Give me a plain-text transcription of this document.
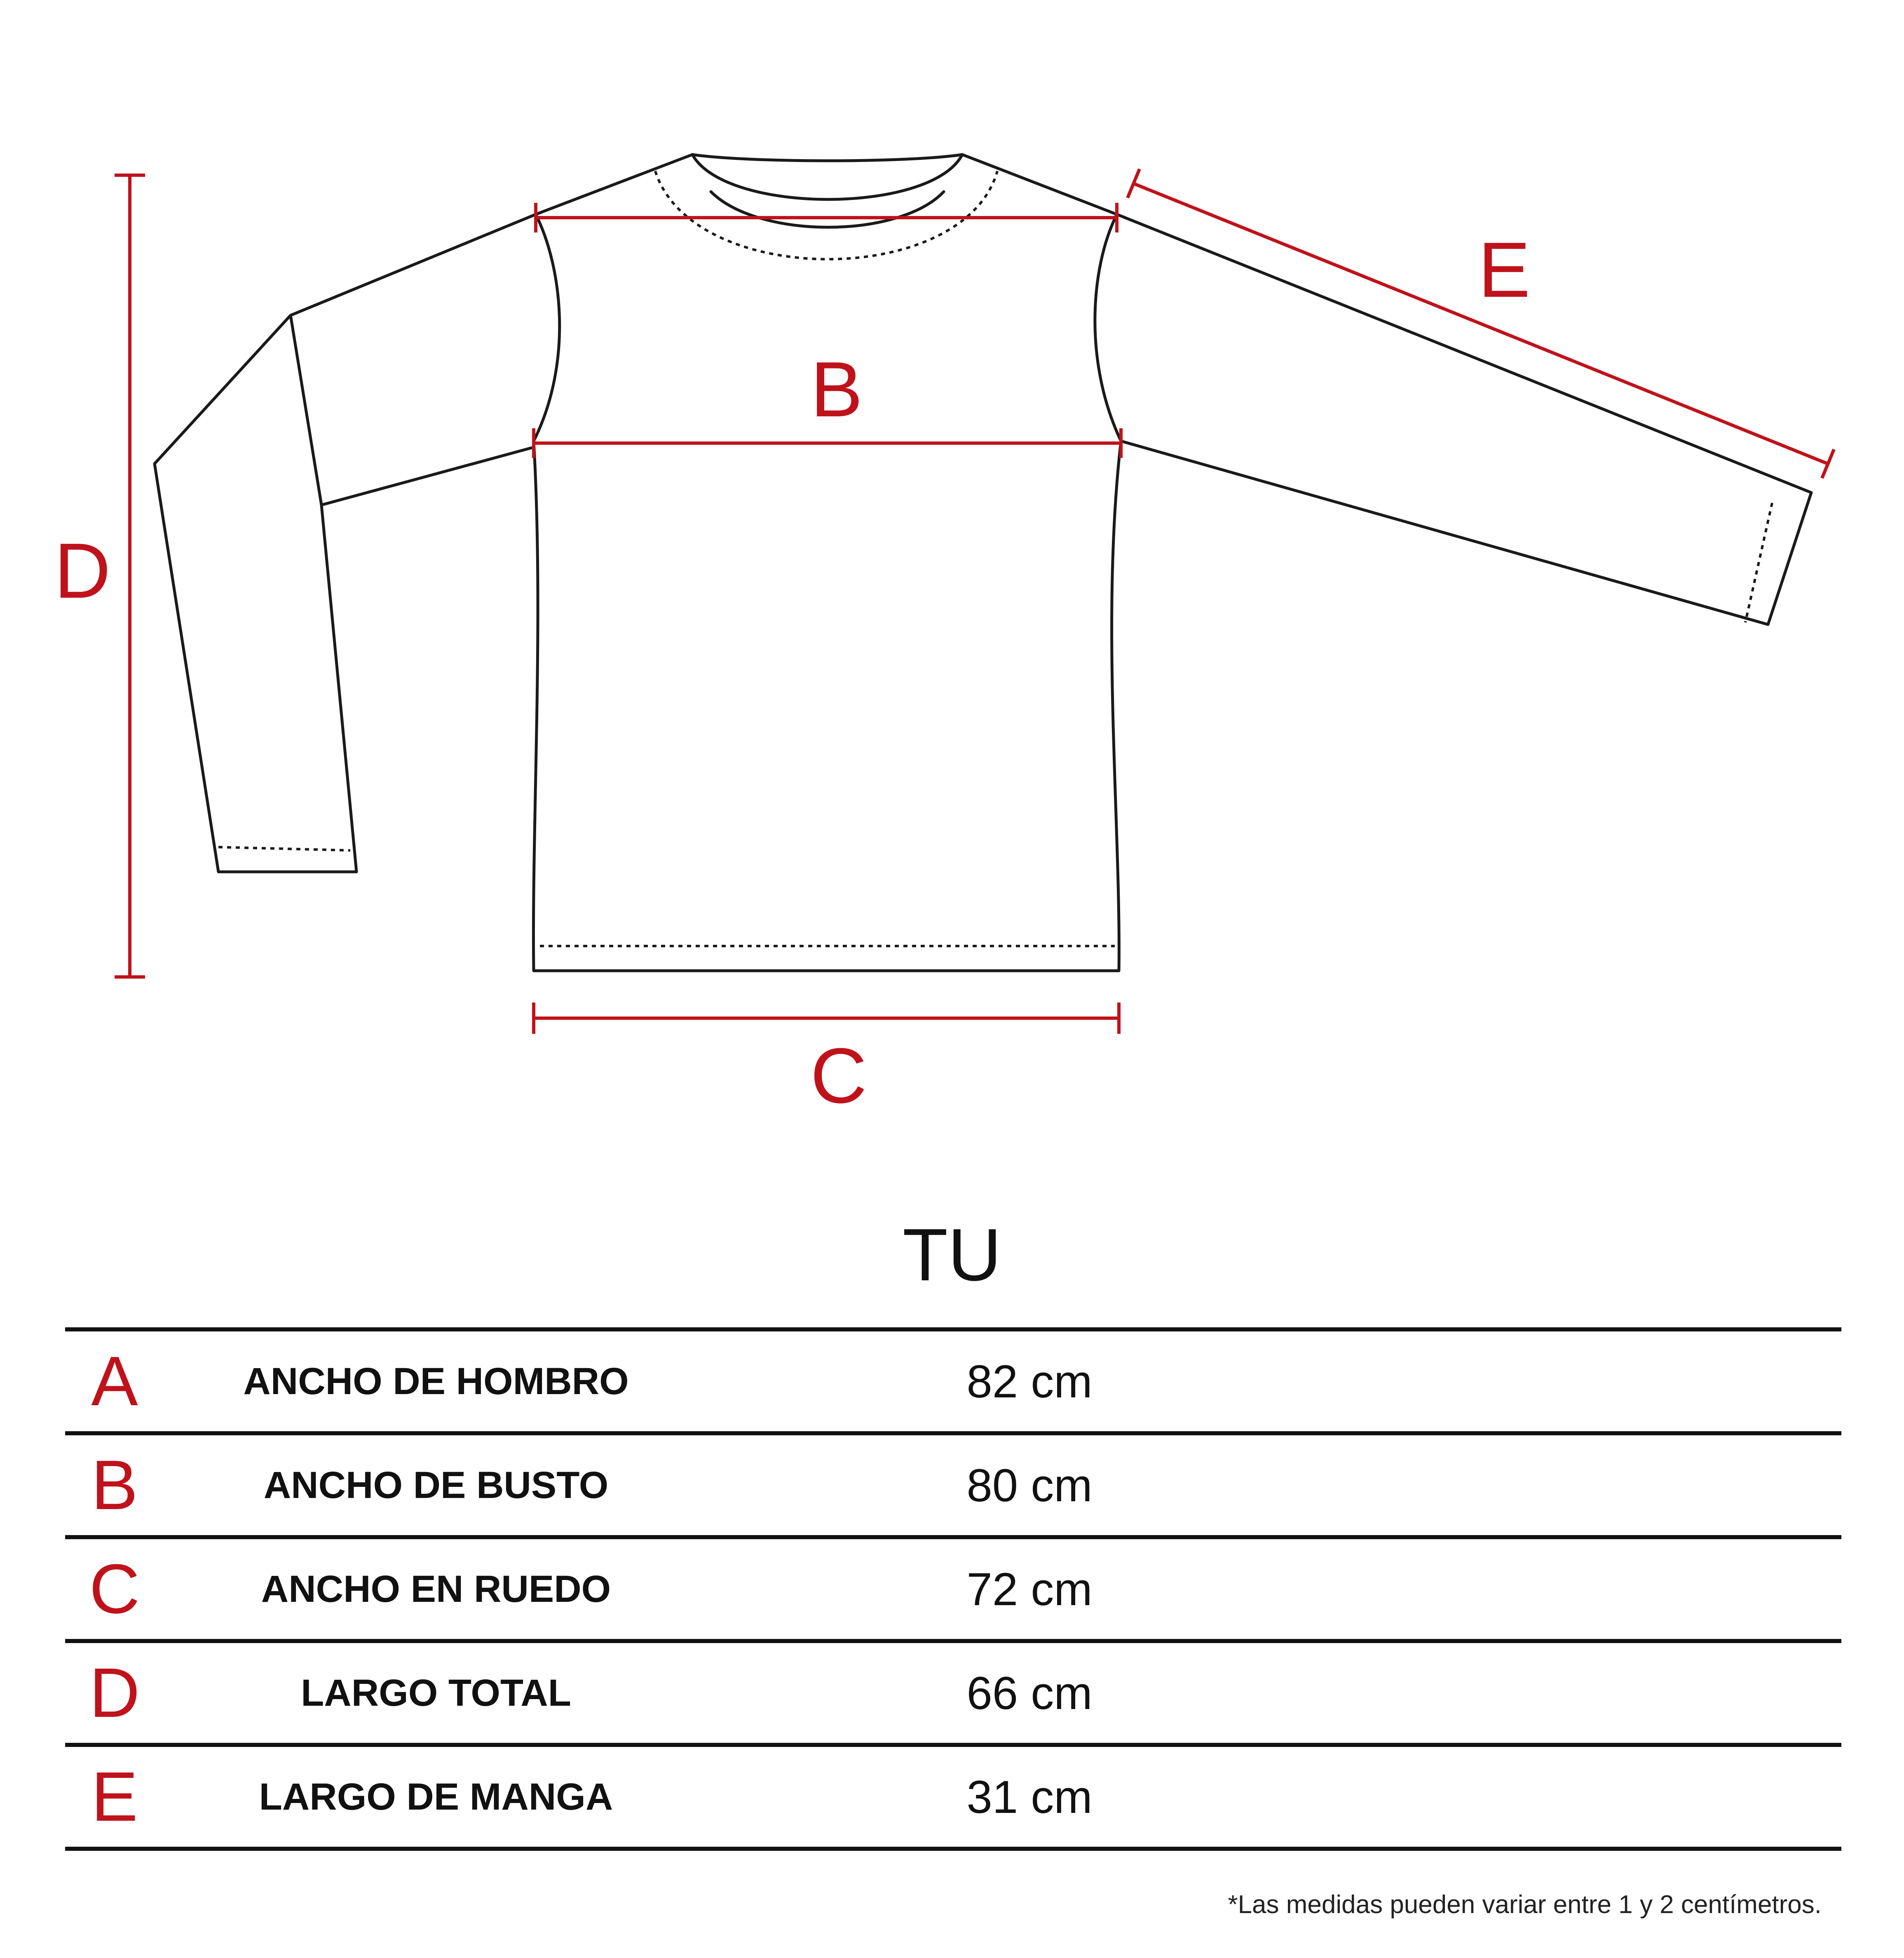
B
C
D
E
TU
A	ANCHO DE HOMBRO	82 cm
B	ANCHO DE BUSTO	80 cm
C	ANCHO EN RUEDO	72 cm
D	LARGO TOTAL	66 cm
E	LARGO DE MANGA	31 cm
*Las medidas pueden variar entre 1 y 2 centímetros.
